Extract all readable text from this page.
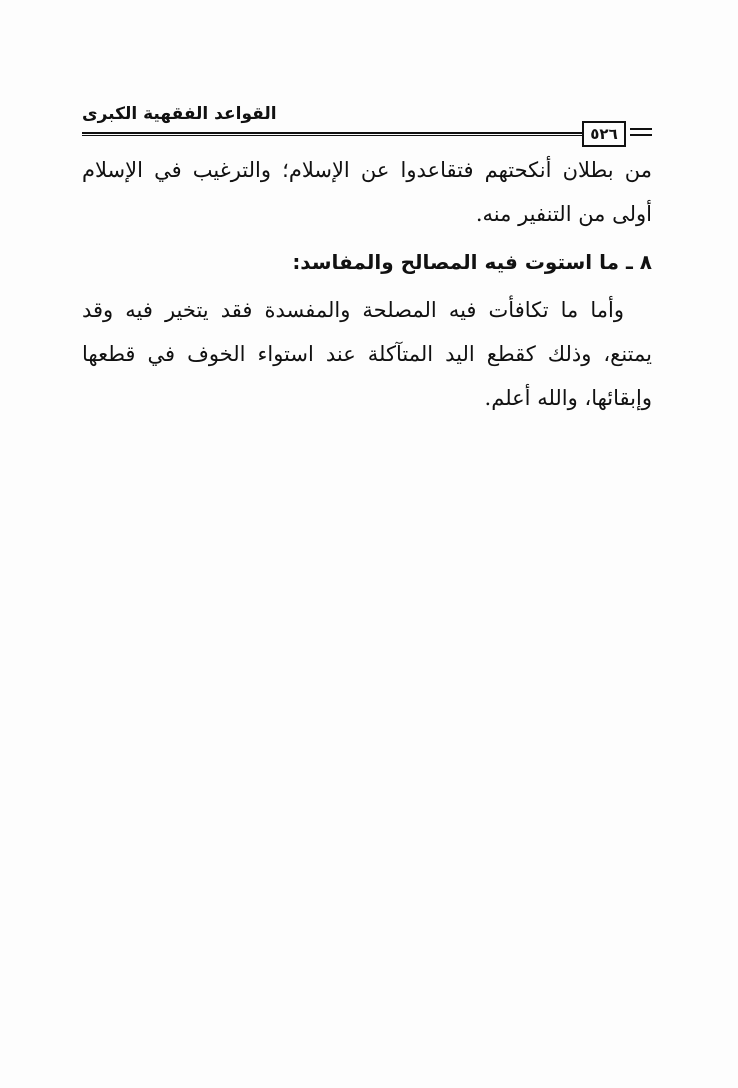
القواعد الفقهية الكبرى
٥٢٦

من بطلان أنكحتهم فتقاعدوا عن الإسلام؛ والترغيب في الإسلام أولى من التنفير منه.

٨ ـ ما استوت فيه المصالح والمفاسد:

وأما ما تكافأت فيه المصلحة والمفسدة فقد يتخير فيه وقد يمتنع، وذلك كقطع اليد المتآكلة عند استواء الخوف في قطعها وإبقائها، والله أعلم.
